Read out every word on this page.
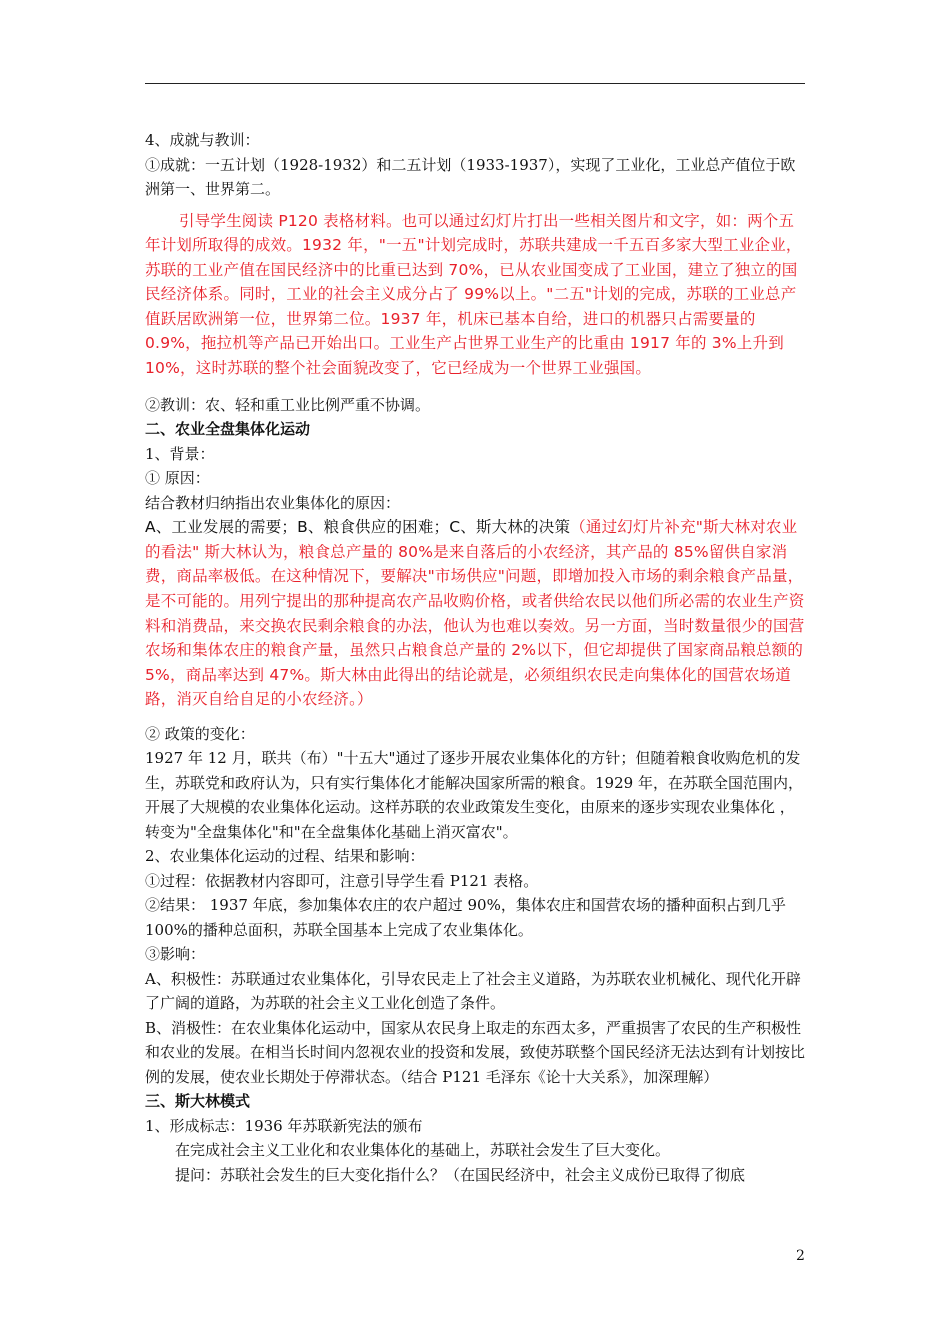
4、成就与教训：

①成就：一五计划（1928-1932）和二五计划（1933-1937），实现了工业化，工业总产值位于欧洲第一、世界第二。

引导学生阅读 P120 表格材料。也可以通过幻灯片打出一些相关图片和文字，如：两个五年计划所取得的成效。1932 年，"一五"计划完成时，苏联共建成一千五百多家大型工业企业，苏联的工业产值在国民经济中的比重已达到 70%，已从农业国变成了工业国，建立了独立的国民经济体系。同时，工业的社会主义成分占了 99%以上。"二五"计划的完成，苏联的工业总产值跃居欧洲第一位，世界第二位。1937 年，机床已基本自给，进口的机器只占需要量的 0.9%，拖拉机等产品已开始出口。工业生产占世界工业生产的比重由 1917 年的 3%上升到 10%，这时苏联的整个社会面貌改变了，它已经成为一个世界工业强国。

②教训：农、轻和重工业比例严重不协调。

二、农业全盘集体化运动

1、背景：

① 原因：

结合教材归纳指出农业集体化的原因：

A、工业发展的需要；B、粮食供应的困难；C、斯大林的决策（通过幻灯片补充"斯大林对农业的看法" 斯大林认为，粮食总产量的 80%是来自落后的小农经济，其产品的 85%留供自家消费，商品率极低。在这种情况下，要解决"市场供应"问题，即增加投入市场的剩余粮食产品量，是不可能的。用列宁提出的那种提高农产品收购价格，或者供给农民以他们所必需的农业生产资料和消费品，来交换农民剩余粮食的办法，他认为也难以奏效。另一方面，当时数量很少的国营农场和集体农庄的粮食产量，虽然只占粮食总产量的 2%以下，但它却提供了国家商品粮总额的 5%，商品率达到 47%。斯大林由此得出的结论就是，必须组织农民走向集体化的国营农场道路，消灭自给自足的小农经济。）

② 政策的变化：

1927 年 12 月，联共（布）"十五大"通过了逐步开展农业集体化的方针；但随着粮食收购危机的发生，苏联党和政府认为，只有实行集体化才能解决国家所需的粮食。1929 年，在苏联全国范围内，开展了大规模的农业集体化运动。这样苏联的农业政策发生变化，由原来的逐步实现农业集体化 ，转变为"全盘集体化"和"在全盘集体化基础上消灭富农"。

2、农业集体化运动的过程、结果和影响：

①过程：依据教材内容即可，注意引导学生看 P121 表格。

②结果： 1937 年底，参加集体农庄的农户超过 90%，集体农庄和国营农场的播种面积占到几乎 100%的播种总面积，苏联全国基本上完成了农业集体化。

③影响：

A、积极性：苏联通过农业集体化，引导农民走上了社会主义道路，为苏联农业机械化、现代化开辟了广阔的道路，为苏联的社会主义工业化创造了条件。

B、消极性：在农业集体化运动中，国家从农民身上取走的东西太多，严重损害了农民的生产积极性和农业的发展。在相当长时间内忽视农业的投资和发展，致使苏联整个国民经济无法达到有计划按比例的发展，使农业长期处于停滞状态。（结合 P121 毛泽东《论十大关系》，加深理解）

三、斯大林模式

1、形成标志：1936 年苏联新宪法的颁布

在完成社会主义工业化和农业集体化的基础上，苏联社会发生了巨大变化。

提问：苏联社会发生的巨大变化指什么？（在国民经济中，社会主义成份已取得了彻底

2
